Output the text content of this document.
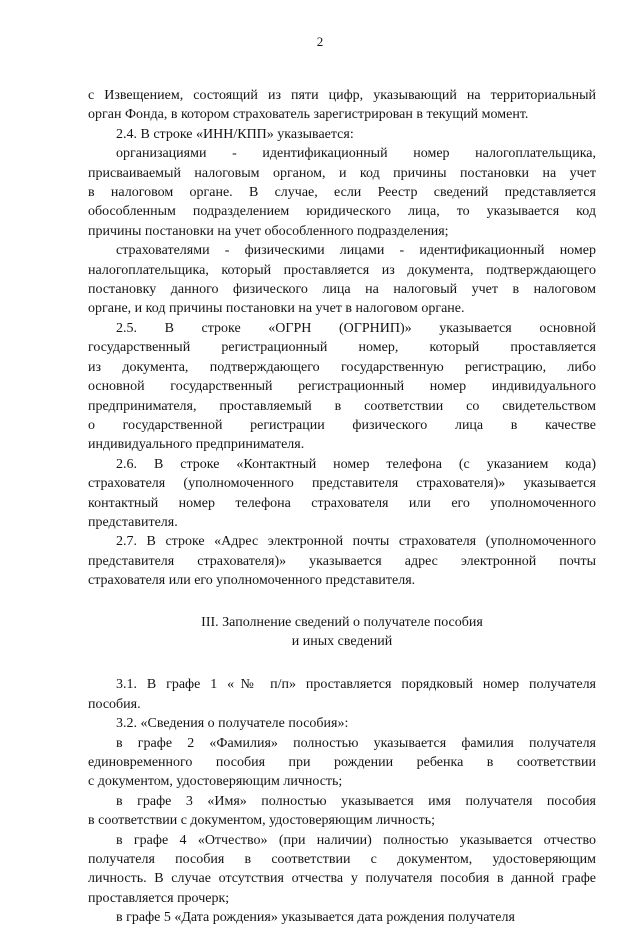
2
с Извещением, состоящий из пяти цифр, указывающий на территориальный
орган Фонда, в котором страхователь зарегистрирован в текущий момент.
2.4. В строке «ИНН/КПП» указывается:
организациями - идентификационный номер налогоплательщика,
присваиваемый налоговым органом, и код причины постановки на учет
в налоговом органе. В случае, если Реестр сведений представляется
обособленным подразделением юридического лица, то указывается код
причины постановки на учет обособленного подразделения;
страхователями - физическими лицами - идентификационный номер
налогоплательщика, который проставляется из документа, подтверждающего
постановку данного физического лица на налоговый учет в налоговом
органе, и код причины постановки на учет в налоговом органе.
2.5. В строке «ОГРН (ОГРНИП)» указывается основной
государственный регистрационный номер, который проставляется
из документа, подтверждающего государственную регистрацию, либо
основной государственный регистрационный номер индивидуального
предпринимателя, проставляемый в соответствии со свидетельством
о государственной регистрации физического лица в качестве
индивидуального предпринимателя.
2.6. В строке «Контактный номер телефона (с указанием кода)
страхователя (уполномоченного представителя страхователя)» указывается
контактный номер телефона страхователя или его уполномоченного
представителя.
2.7. В строке «Адрес электронной почты страхователя (уполномоченного
представителя страхователя)» указывается адрес электронной почты
страхователя или его уполномоченного представителя.
III. Заполнение сведений о получателе пособия
и иных сведений
3.1. В графе 1 «№ п/п» проставляется порядковый номер получателя
пособия.
3.2. «Сведения о получателе пособия»:
в графе 2 «Фамилия» полностью указывается фамилия получателя
единовременного пособия при рождении ребенка в соответствии
с документом, удостоверяющим личность;
в графе 3 «Имя» полностью указывается имя получателя пособия
в соответствии с документом, удостоверяющим личность;
в графе 4 «Отчество» (при наличии) полностью указывается отчество
получателя пособия в соответствии с документом, удостоверяющим
личность. В случае отсутствия отчества у получателя пособия в данной графе
проставляется прочерк;
в графе 5 «Дата рождения» указывается дата рождения получателя
